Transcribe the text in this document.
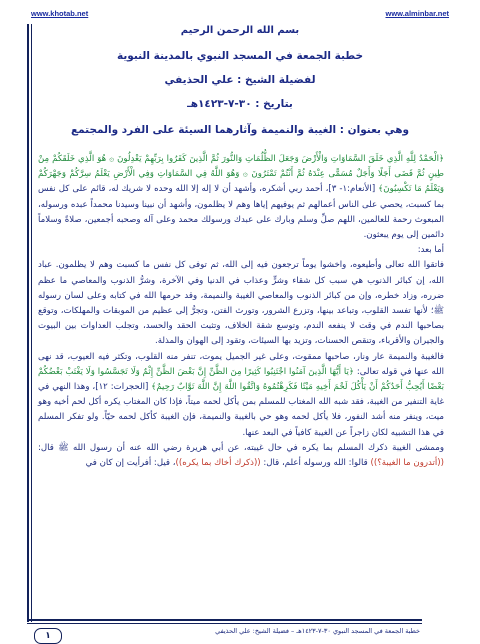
www.alminbar.net
www.khotab.net
بسم الله الرحمن الرحيم
خطبة الجمعة في المسجد النبوي بالمدينة النبوية
لفضيلة الشيخ : علي الحذيفي
بتاريخ : ٣٠-٧-١٤٢٣هـ
وهي بعنوان : الغيبة والنميمة وآثارهما السيئة على الفرد والمجتمع

﴿الْحَمْدُ لِلَّهِ الَّذِي خَلَقَ السَّمَاوَاتِ وَالْأَرْضَ وَجَعَلَ الظُّلُمَاتِ وَالنُّورَ ثُمَّ الَّذِينَ كَفَرُوا بِرَبِّهِمْ يَعْدِلُونَ ۞ هُوَ الَّذِي خَلَقَكُمْ مِنْ طِينٍ ثُمَّ قَضَى أَجَلًا وَأَجَلٌ مُسَمًّى عِنْدَهُ ثُمَّ أَنْتُمْ تَمْتَرُونَ ۞ وَهُوَ اللَّهُ فِي السَّمَاوَاتِ وَفِي الْأَرْضِ يَعْلَمُ سِرَّكُمْ وَجَهْرَكُمْ وَيَعْلَمُ مَا تَكْسِبُونَ﴾ [الأنعام:١- ٣]، أحمد ربي أشكره، وأشهد أن لا إله إلا الله وحده لا شريك له، قائم على كل نفس بما كسبت، يحصي على الناس أعمالهم ثم يوفيهم إياها وهم لا يظلمون، وأشهد أن نبينا وسيدنا محمداً عبده ورسوله، المبعوث رحمة للعالمين، اللهم صلِّ وسلم وبارك على عبدك ورسولك محمد وعلى آله وصحبه أجمعين، صلاةً وسلاماً دائمين إلى يوم يبعثون.

أما بعد:

فاتقوا الله تعالى وأطيعوه، واخشوا يوماً ترجعون فيه إلى الله، ثم توفى كل نفس ما كسبت وهم لا يظلمون. عباد الله، إن كبائر الذنوب هي سبب كل شقاء وشرٍّ وعذاب في الدنيا وفي الآخرة، وشرُّ الذنوب والمعاصي ما عظم ضرره، وزاد خطره، وإن من كبائر الذنوب والمعاصي الغيبة والنميمة، وقد حرمها الله في كتابه وعلى لسان رسوله ﷺ؛ لأنها تفسد القلوب، وتباعد بينها، وتزرع الشرور، وتورث الفتن، وتجرُّ إلى عظيم من الموبقات والمهلكات، وتوقع بصاحبها الندم في وقت لا ينفعه الندم، وتوسع شقة الخلاف، وتثبت الحقد والحسد، وتجلب العداوات بين البيوت والجيران والأقرباء، وتنقص الحسنات، وتزيد بها السيئات، وتقود إلى الهوان والمذلة.

فالغيبة والنميمة عار ونار، صاحبها ممقوت، وعلى غير الجميل يموت، تنفر منه القلوب، وتكثر فيه العيوب، قد نهى الله عنها في قوله تعالى: ﴿يَا أَيُّهَا الَّذِينَ آمَنُوا اجْتَنِبُوا كَثِيرًا مِنَ الظَّنِّ إِنَّ بَعْضَ الظَّنِّ إِثْمٌ وَلَا تَجَسَّسُوا وَلَا يَغْتَبْ بَعْضُكُمْ بَعْضًا أَيُحِبُّ أَحَدُكُمْ أَنْ يَأْكُلَ لَحْمَ أَخِيهِ مَيْتًا فَكَرِهْتُمُوهُ وَاتَّقُوا اللَّهَ إِنَّ اللَّهَ تَوَّابٌ رَحِيمٌ﴾ [الحجرات: ١٢]، وهذا النهي في غاية التنفير من الغيبة، فقد شبه الله المغتاب للمسلم بمن يأكل لحمه ميتاً، فإذا كان المغتاب يكره أكل لحم أخيه وهو ميت، وينفر منه أشد النفور، فلا يأكل لحمه وهو حي بالغيبة والنميمة، فإن الغيبة كأكل لحمه حيّاً. ولو تفكر المسلم في هذا التشبيه لكان زاجراً عن الغيبة كافياً في البعد عنها.

وممشى الغيبة ذكرك المسلم بما يكره في حال غيبته، عن أبي هريرة رضي الله عنه أن رسول الله ﷺ قال: ((أتدرون ما الغيبة؟)) قالوا: الله ورسوله أعلم، قال: ((ذكرك أخاك بما يكره))، قيل: أفرأيت إن كان في

خطبة الجمعة في المسجد النبوي ٣٠-٧-١٤٢٣هـ – فضيلة الشيخ: علي الحذيفي
١
